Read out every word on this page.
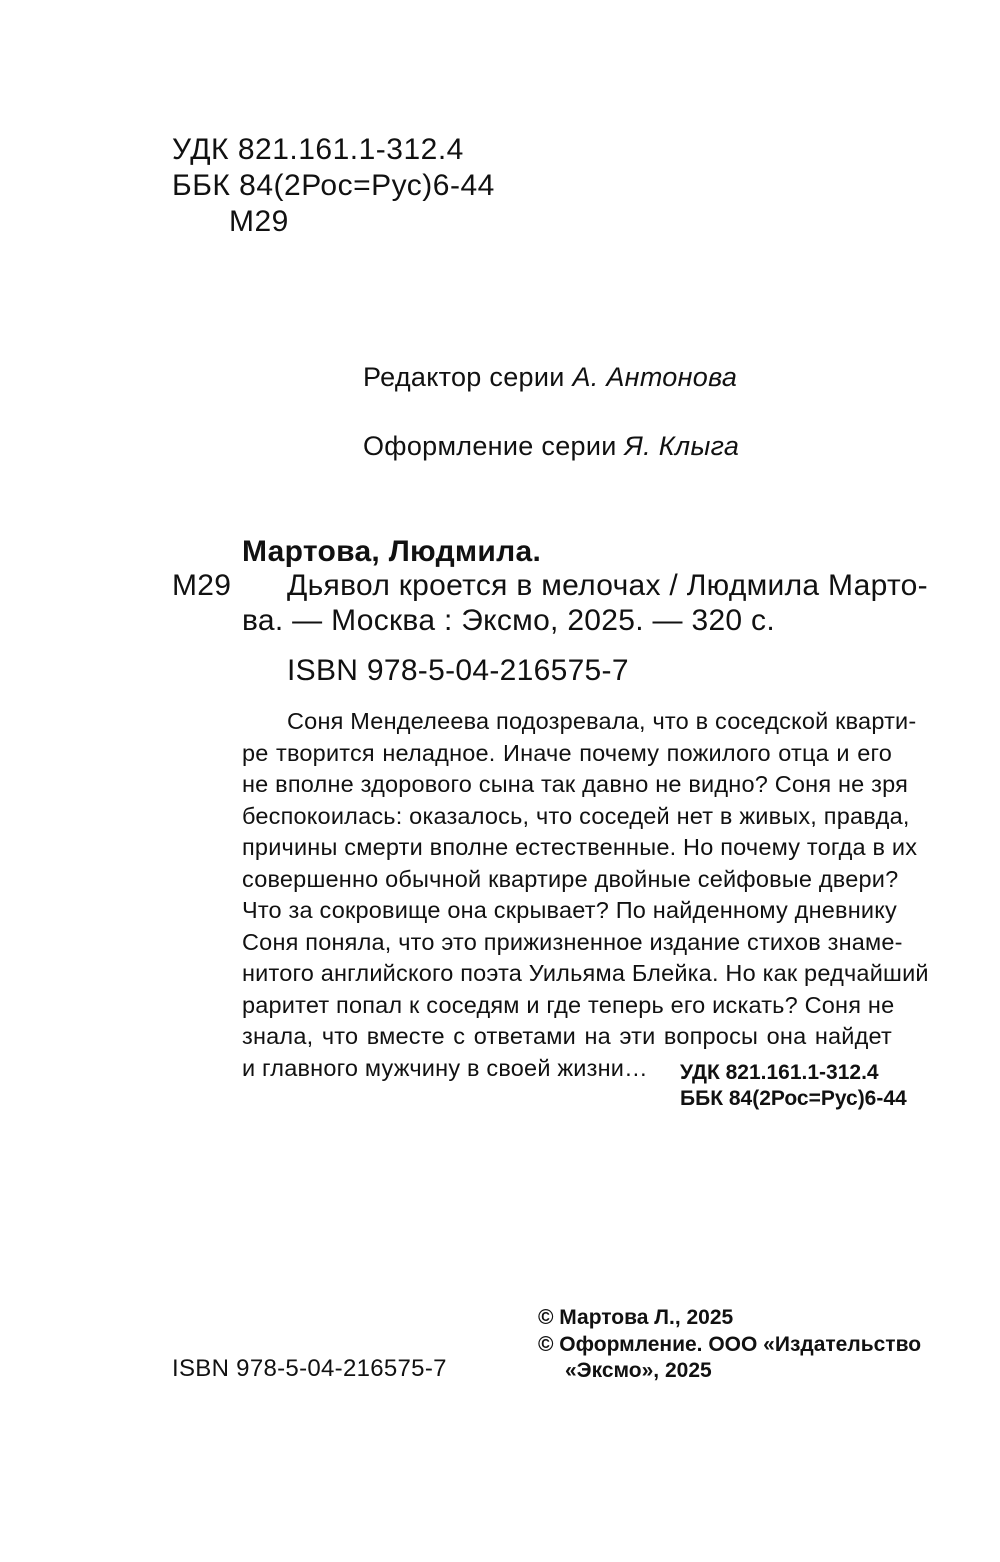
УДК 821.161.1-312.4
ББК 84(2Рос=Рус)6-44
М29
Редактор серии А. Антонова
Оформление серии Я. Клыга
Мартова, Людмила.
М29 Дьявол кроется в мелочах / Людмила Марто-
ва. — Москва : Эксмо, 2025. — 320 с.
ISBN 978-5-04-216575-7
Соня Менделеева подозревала, что в соседской кварти-
ре творится неладное. Иначе почему пожилого отца и его
не вполне здорового сына так давно не видно? Соня не зря
беспокоилась: оказалось, что соседей нет в живых, правда,
причины смерти вполне естественные. Но почему тогда в их
совершенно обычной квартире двойные сейфовые двери?
Что за сокровище она скрывает? По найденному дневнику
Соня поняла, что это прижизненное издание стихов знаме-
нитого английского поэта Уильяма Блейка. Но как редчайший
раритет попал к соседям и где теперь его искать? Соня не
знала, что вместе с ответами на эти вопросы она найдет
и главного мужчину в своей жизни…	УДК 821.161.1-312.4
ББК 84(2Рос=Рус)6-44
ISBN 978-5-04-216575-7
© Мартова Л., 2025
© Оформление. ООО «Издательство
«Эксмо», 2025
